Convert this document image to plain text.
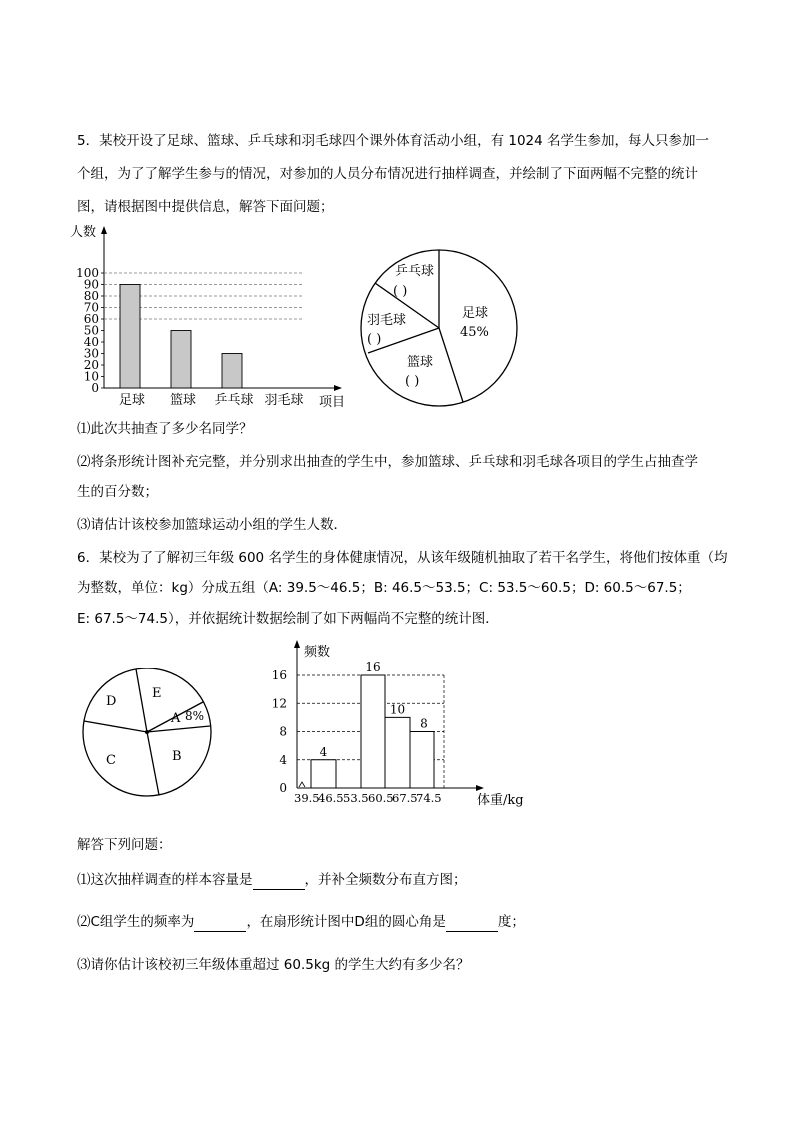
5．某校开设了足球、篮球、乒乓球和羽毛球四个课外体育活动小组，有 1024 名学生参加，每人只参加一
个组，为了了解学生参与的情况，对参加的人员分布情况进行抽样调查，并绘制了下面两幅不完整的统计
图，请根据图中提供信息，解答下面问题；
人数
100
90
80
70
60
50
40
30
20
10
0
足球 篮球 乒乓球 羽毛球 项目
乒乓球
( )
羽毛球
( )
篮球
( )
足球
45%
⑴此次共抽查了多少名同学？
⑵将条形统计图补充完整，并分别求出抽查的学生中，参加篮球、乒乓球和羽毛球各项目的学生占抽查学
生的百分数；
⑶请估计该校参加篮球运动小组的学生人数．
6．某校为了了解初三年级 600 名学生的身体健康情况，从该年级随机抽取了若干名学生，将他们按体重（均
为整数，单位：kg）分成五组（A: 39.5～46.5；B: 46.5～53.5；C: 53.5～60.5；D: 60.5～67.5；
E: 67.5～74.5），并依据统计数据绘制了如下两幅尚不完整的统计图．
D
E
A 8%
C	B
频数
16
12
8
4
0
4
16
10
8
39.5
46.5 53.5 60.5
67.5
74.5	体重/kg
解答下列问题：
⑴这次抽样调查的样本容量是	，并补全频数分布直方图；
⑵C组学生的频率为	，在扇形统计图中D组的圆心角是	度；
⑶请你估计该校初三年级体重超过 60.5kg 的学生大约有多少名？
